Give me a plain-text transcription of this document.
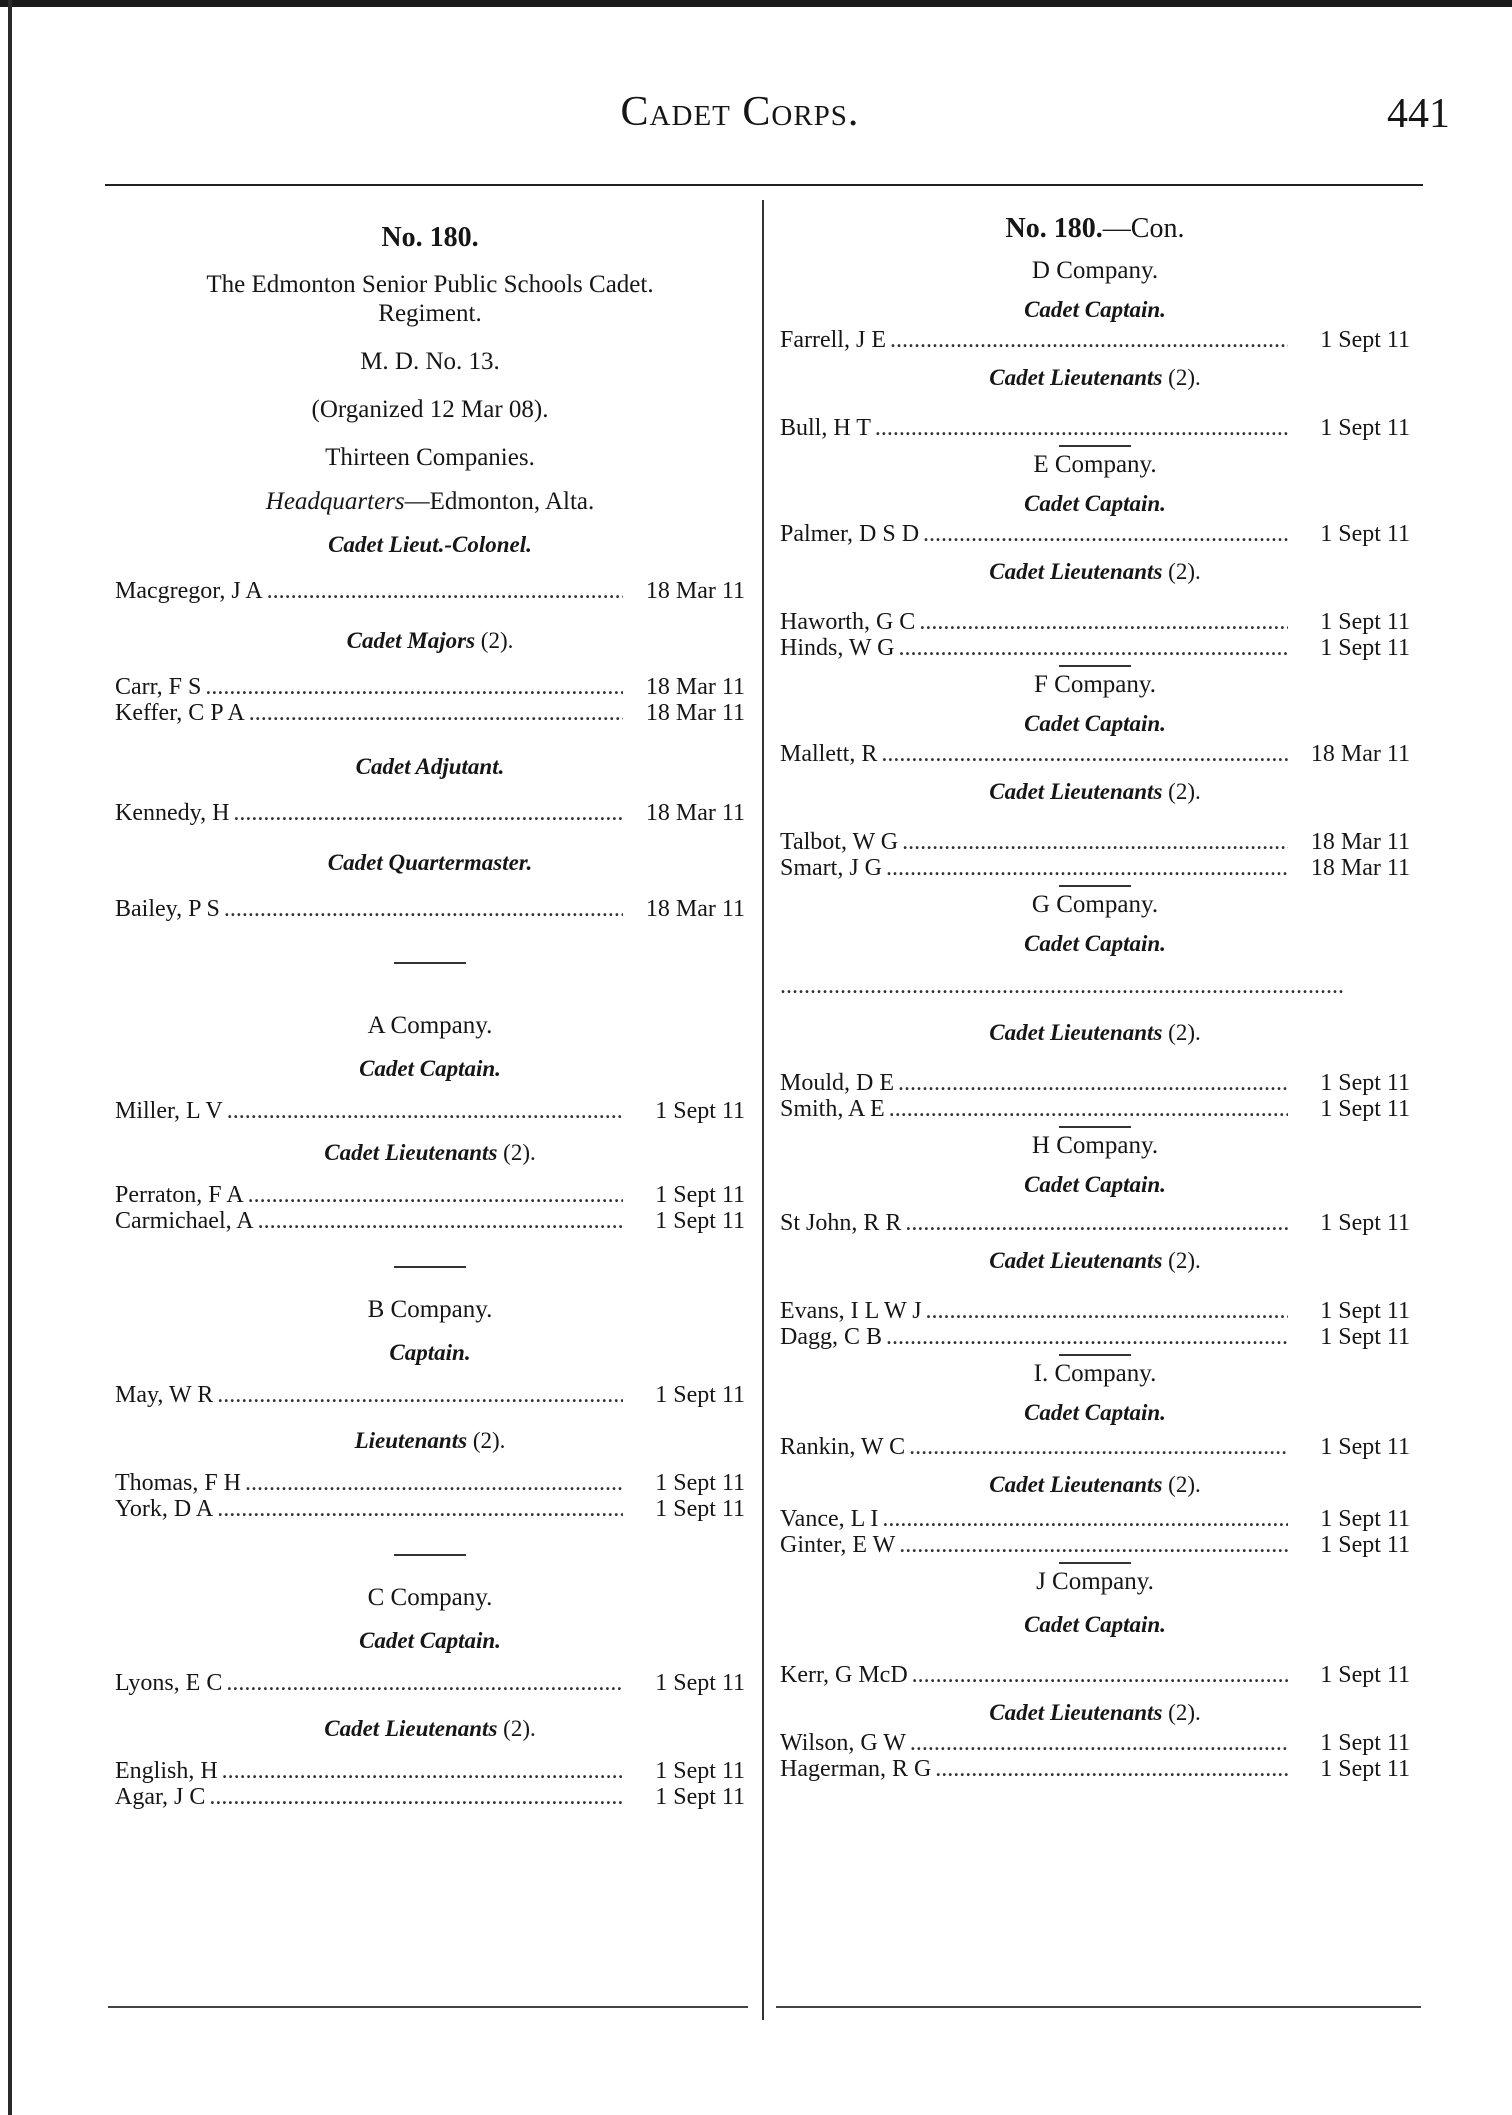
Cadet Corps.	441
No. 180.
The Edmonton Senior Public Schools Cadet.
Regiment.
M. D. No. 13.
(Organized 12 Mar 08).
Thirteen Companies.
Headquarters—Edmonton, Alta.
Cadet Lieut.-Colonel.
Macgregor, J A . . .	18 Mar 11
Cadet Majors (2).
Carr, F S . . .	18 Mar 11
Keffer, C P A . . .	18 Mar 11
Cadet Adjutant.
Kennedy, H . . .	18 Mar 11
Cadet Quartermaster.
Bailey, P S . . .	18 Mar 11
A Company.
Cadet Captain.
Miller, L V . . .	1 Sept 11
Cadet Lieutenants (2).
Perraton, F A . . .	1 Sept 11
Carmichael, A . . .	1 Sept 11
B Company.
Captain.
May, W R . . .	1 Sept 11
Lieutenants (2).
Thomas, F H . . .	1 Sept 11
York, D A . . .	1 Sept 11
C Company.
Cadet Captain.
Lyons, E C . . .	1 Sept 11
Cadet Lieutenants (2).
English, H . . .	1 Sept 11
Agar, J C . . .	1 Sept 11
No. 180.—Con.
D Company.
Cadet Captain.
Farrell, J E . . .	1 Sept 11
Cadet Lieutenants (2).
Bull, H T . . .	1 Sept 11
E Company.
Cadet Captain.
Palmer, D S D . . .	1 Sept 11
Cadet Lieutenants (2).
Haworth, G C . . .	1 Sept 11
Hinds, W G . . .	1 Sept 11
F Company.
Cadet Captain.
Mallett, R . . .	18 Mar 11
Cadet Lieutenants (2).
Talbot, W G . . .	18 Mar 11
Smart, J G . . .	18 Mar 11
G Company.
Cadet Captain.
. . . . . . . . . . . . . . . . . . . . . . . . . . . . . . . . . . . . . . . . . . . . . . . . . . . . . . . . . . . . . . . . . . . . . . . . . . . . . . . . . . . . . . . . . . . . . .
Cadet Lieutenants (2).
Mould, D E . . .	1 Sept 11
Smith, A E . . .	1 Sept 11
H Company.
Cadet Captain.
St John, R R . . .	1 Sept 11
Cadet Lieutenants (2).
Evans, I L W J . . .	1 Sept 11
Dagg, C B . . .	1 Sept 11
I. Company.
Cadet Captain.
Rankin, W C . . .	1 Sept 11
Cadet Lieutenants (2).
Vance, L I . . .	1 Sept 11
Ginter, E W . . .	1 Sept 11
J Company.
Cadet Captain.
Kerr, G McD . . .	1 Sept 11
Cadet Lieutenants (2).
Wilson, G W . . .	1 Sept 11
Hagerman, R G . . .	1 Sept 11
